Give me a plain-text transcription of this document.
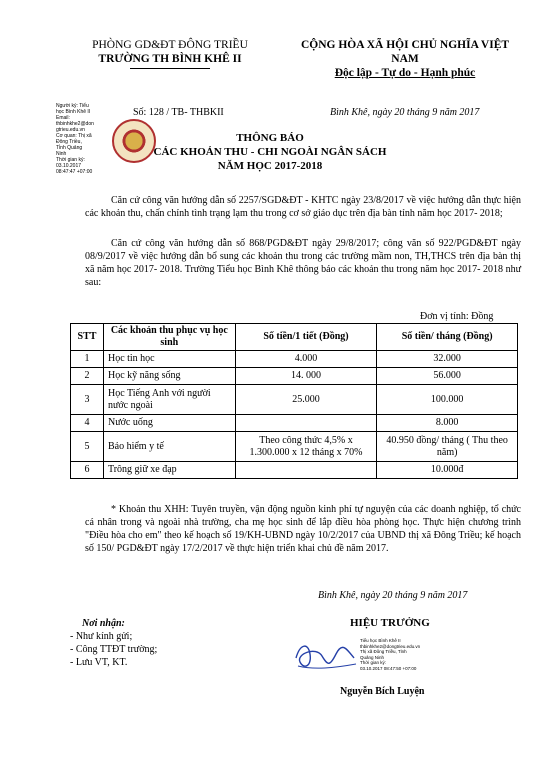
PHÒNG GD&ĐT ĐÔNG TRIỀU
TRƯỜNG TH BÌNH KHÊ II
CỘNG HÒA XÃ HỘI CHỦ NGHĨA VIỆT
NAM
Độc lập - Tự do - Hạnh phúc
Người ký: Tiểu
học Bình Khê II
Email:
thbinhkhe2@don
gtrieu.edu.vn
Cơ quan: Thị xã
Đông Triều,
Tỉnh Quảng
Ninh
Thời gian ký:
03.10.2017
08:47:47 +07:00
Số: 128 / TB- THBKII	Bình Khê, ngày 20 tháng 9 năm 2017
THÔNG BÁO
CÁC KHOẢN THU - CHI NGOÀI NGÂN SÁCH
NĂM HỌC 2017-2018
Căn cứ công văn hướng dẫn số 2257/SGD&ĐT - KHTC ngày 23/8/2017 về việc hướng dẫn thực hiện các khoản thu, chấn chỉnh tình trạng lạm thu trong cơ sở giáo dục trên địa bàn tỉnh năm học 2017- 2018;
Căn cứ công văn hướng dẫn số 868/PGD&ĐT ngày 29/8/2017; công văn số 922/PGD&ĐT ngày 08/9/2017 về việc hướng dẫn bổ sung các khoản thu trong các trường mầm non, TH,THCS trên địa bàn thị xã năm học 2017- 2018. Trường Tiểu học Bình Khê thông báo các khoản thu trong năm học 2017- 2018 như sau:
Đơn vị tính: Đồng
STT	Các khoản thu phục vụ học sinh	Số tiền/1 tiết (Đồng)	Số tiền/ tháng (Đồng)
1	Học tin học	4.000	32.000
2	Học kỹ năng sống	14. 000	56.000
3	Học Tiếng Anh với người nước ngoài	25.000	100.000
4	Nước uống		8.000
5	Bảo hiểm y tế	Theo công thức 4,5% x 1.300.000 x 12 tháng x 70%	40.950 đồng/ tháng ( Thu theo năm)
6	Trông giữ xe đạp		10.000đ
* Khoản thu XHH: Tuyên truyền, vận động nguồn kinh phí tự nguyện của các doanh nghiệp, tổ chức cá nhân trong và ngoài nhà trường, cha mẹ học sinh để lắp điều hòa phòng học. Thực hiện chương trình "Điều hòa cho em" theo kế hoạch số 19/KH-UBND ngày 10/2/2017 của UBND thị xã Đông Triều; kế hoạch số 150/ PGD&ĐT ngày 17/2/2017 về thực hiện triển khai chủ đề năm 2017.
Bình Khê, ngày 20 tháng 9 năm 2017
Nơi nhận:
- Như kính gửi;
- Công TTĐT trường;
- Lưu VT, KT.
HIỆU TRƯỞNG
Tiểu học Bình Khê II
thbinhkhe2@dongtrieu.edu.vn
Thị xã Đông Triều, Tỉnh
Quảng Ninh
Thời gian ký:
03.10.2017 08:47:50 +07:00
Nguyễn Bích Luyện
